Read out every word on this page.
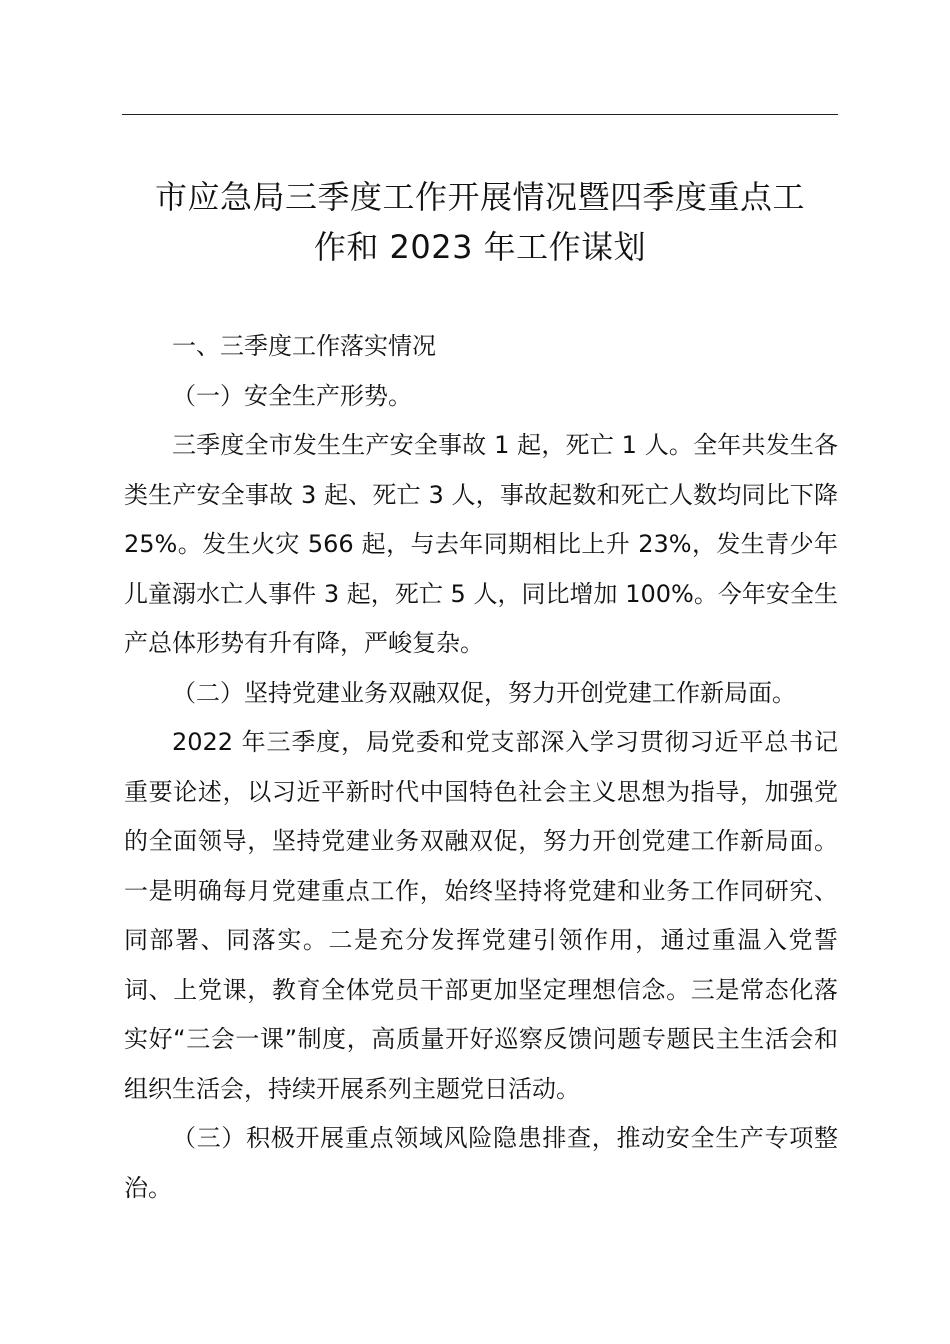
市应急局三季度工作开展情况暨四季度重点工
作和 2023 年工作谋划

一、三季度工作落实情况

（一）安全生产形势。

三季度全市发生生产安全事故 1 起，死亡 1 人。全年共发生各类生产安全事故 3 起、死亡 3 人，事故起数和死亡人数均同比下降 25%。发生火灾 566 起，与去年同期相比上升 23%，发生青少年儿童溺水亡人事件 3 起，死亡 5 人，同比增加 100%。今年安全生产总体形势有升有降，严峻复杂。

（二）坚持党建业务双融双促，努力开创党建工作新局面。

2022 年三季度，局党委和党支部深入学习贯彻习近平总书记重要论述，以习近平新时代中国特色社会主义思想为指导，加强党的全面领导，坚持党建业务双融双促，努力开创党建工作新局面。一是明确每月党建重点工作，始终坚持将党建和业务工作同研究、同部署、同落实。二是充分发挥党建引领作用，通过重温入党誓词、上党课，教育全体党员干部更加坚定理想信念。三是常态化落实好“三会一课”制度，高质量开好巡察反馈问题专题民主生活会和组织生活会，持续开展系列主题党日活动。

（三）积极开展重点领域风险隐患排查，推动安全生产专项整治。
